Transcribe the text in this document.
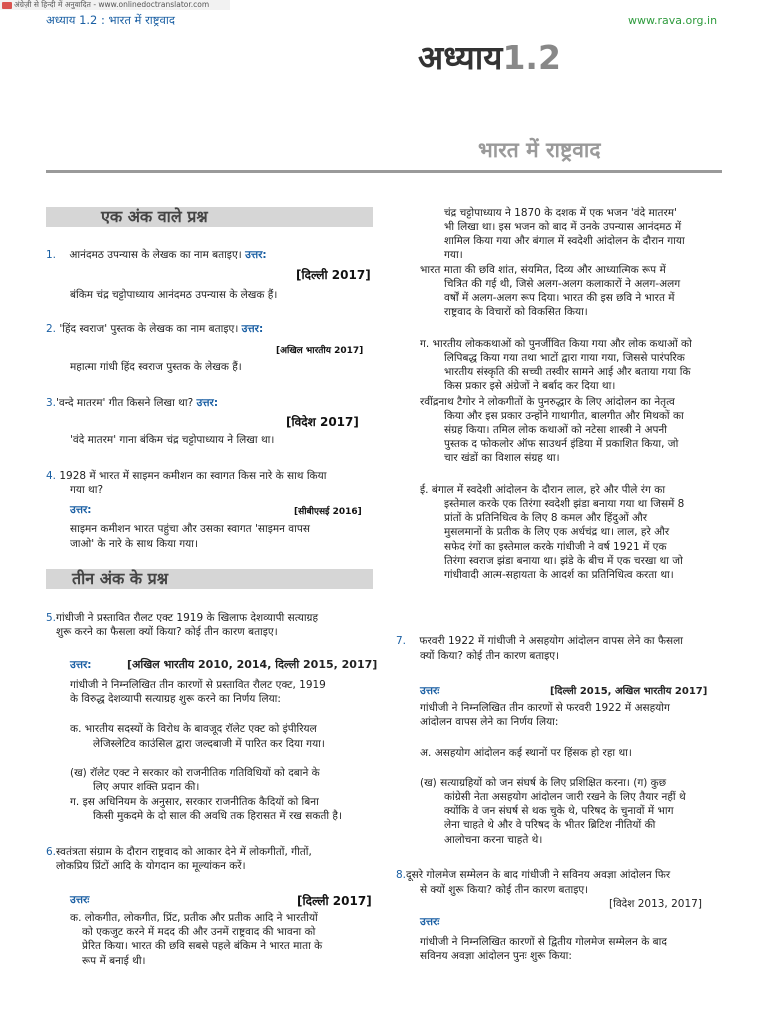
अंग्रेज़ी से हिन्दी में अनुवादित - www.onlinedoctranslator.com
अध्याय 1.2 : भारत में राष्ट्रवाद	www.rava.org.in
अध्याय1.2
भारत में राष्ट्रवाद
एक अंक वाले प्रश्न
1. आनंदमठ उपन्यास के लेखक का नाम बताइए। उत्तर:
[दिल्ली 2017]
बंकिम चंद्र चट्टोपाध्याय आनंदमठ उपन्यास के लेखक हैं।
2. 'हिंद स्वराज' पुस्तक के लेखक का नाम बताइए। उत्तर:
[अखिल भारतीय 2017]
महात्मा गांधी हिंद स्वराज पुस्तक के लेखक हैं।
3.'वन्दे मातरम' गीत किसने लिखा था? उत्तर:
[विदेश 2017]
'वंदे मातरम' गाना बंकिम चंद्र चट्टोपाध्याय ने लिखा था।
4. 1928 में भारत में साइमन कमीशन का स्वागत किस नारे के साथ किया
गया था?
उत्तर:	[सीबीएसई 2016]
साइमन कमीशन भारत पहुंचा और उसका स्वागत 'साइमन वापस
जाओ' के नारे के साथ किया गया।
तीन अंक के प्रश्न
5.गांधीजी ने प्रस्तावित रौलट एक्ट 1919 के खिलाफ देशव्यापी सत्याग्रह
शुरू करने का फैसला क्यों किया? कोई तीन कारण बताइए।
उत्तर:	[अखिल भारतीय 2010, 2014, दिल्ली 2015, 2017]
गांधीजी ने निम्नलिखित तीन कारणों से प्रस्तावित रौलट एक्ट, 1919
के विरुद्ध देशव्यापी सत्याग्रह शुरू करने का निर्णय लिया:
क. भारतीय सदस्यों के विरोध के बावजूद रॉलेट एक्ट को इंपीरियल
लेजिस्लेटिव काउंसिल द्वारा जल्दबाजी में पारित कर दिया गया।
(ख) रॉलेट एक्ट ने सरकार को राजनीतिक गतिविधियों को दबाने के
लिए अपार शक्ति प्रदान की।
ग. इस अधिनियम के अनुसार, सरकार राजनीतिक कैदियों को बिना
किसी मुकदमे के दो साल की अवधि तक हिरासत में रख सकती है।
6.स्वतंत्रता संग्राम के दौरान राष्ट्रवाद को आकार देने में लोकगीतों, गीतों,
लोकप्रिय प्रिंटों आदि के योगदान का मूल्यांकन करें।
उत्तरः	[दिल्ली 2017]
क. लोकगीत, लोकगीत, प्रिंट, प्रतीक और प्रतीक आदि ने भारतीयों
को एकजुट करने में मदद की और उनमें राष्ट्रवाद की भावना को
प्रेरित किया। भारत की छवि सबसे पहले बंकिम ने भारत माता के
रूप में बनाई थी।
चंद्र चट्टोपाध्याय ने 1870 के दशक में एक भजन 'वंदे मातरम'
भी लिखा था। इस भजन को बाद में उनके उपन्यास आनंदमठ में
शामिल किया गया और बंगाल में स्वदेशी आंदोलन के दौरान गाया
गया।
भारत माता की छवि शांत, संयमित, दिव्य और आध्यात्मिक रूप में
चित्रित की गई थी, जिसे अलग-अलग कलाकारों ने अलग-अलग
वर्षों में अलग-अलग रूप दिया। भारत की इस छवि ने भारत में
राष्ट्रवाद के विचारों को विकसित किया।
ग. भारतीय लोककथाओं को पुनर्जीवित किया गया और लोक कथाओं को
लिपिबद्ध किया गया तथा भाटों द्वारा गाया गया, जिससे पारंपरिक
भारतीय संस्कृति की सच्ची तस्वीर सामने आई और बताया गया कि
किस प्रकार इसे अंग्रेजों ने बर्बाद कर दिया था।
रवींद्रनाथ टैगोर ने लोकगीतों के पुनरुद्धार के लिए आंदोलन का नेतृत्व
किया और इस प्रकार उन्होंने गाथागीत, बालगीत और मिथकों का
संग्रह किया। तमिल लोक कथाओं को नटेसा शास्त्री ने अपनी
पुस्तक द फोकलोर ऑफ साउथर्न इंडिया में प्रकाशित किया, जो
चार खंडों का विशाल संग्रह था।
ई. बंगाल में स्वदेशी आंदोलन के दौरान लाल, हरे और पीले रंग का
इस्तेमाल करके एक तिरंगा स्वदेशी झंडा बनाया गया था जिसमें 8
प्रांतों के प्रतिनिधित्व के लिए 8 कमल और हिंदुओं और
मुसलमानों के प्रतीक के लिए एक अर्धचंद्र था। लाल, हरे और
सफेद रंगों का इस्तेमाल करके गांधीजी ने वर्ष 1921 में एक
तिरंगा स्वराज झंडा बनाया था। झंडे के बीच में एक चरखा था जो
गांधीवादी आत्म-सहायता के आदर्श का प्रतिनिधित्व करता था।
7. फरवरी 1922 में गांधीजी ने असहयोग आंदोलन वापस लेने का फैसला
क्यों किया? कोई तीन कारण बताइए।
उत्तरः	[दिल्ली 2015, अखिल भारतीय 2017]
गांधीजी ने निम्नलिखित तीन कारणों से फरवरी 1922 में असहयोग
आंदोलन वापस लेने का निर्णय लिया:
अ. असहयोग आंदोलन कई स्थानों पर हिंसक हो रहा था।
(ख) सत्याग्रहियों को जन संघर्ष के लिए प्रशिक्षित करना। (ग) कुछ
कांग्रेसी नेता असहयोग आंदोलन जारी रखने के लिए तैयार नहीं थे
क्योंकि वे जन संघर्ष से थक चुके थे, परिषद के चुनावों में भाग
लेना चाहते थे और वे परिषद के भीतर ब्रिटिश नीतियों की
आलोचना करना चाहते थे।
8.दूसरे गोलमेज सम्मेलन के बाद गांधीजी ने सविनय अवज्ञा आंदोलन फिर
से क्यों शुरू किया? कोई तीन कारण बताइए।
[विदेश 2013, 2017]
उत्तरः
गांधीजी ने निम्नलिखित कारणों से द्वितीय गोलमेज सम्मेलन के बाद
सविनय अवज्ञा आंदोलन पुनः शुरू किया:
